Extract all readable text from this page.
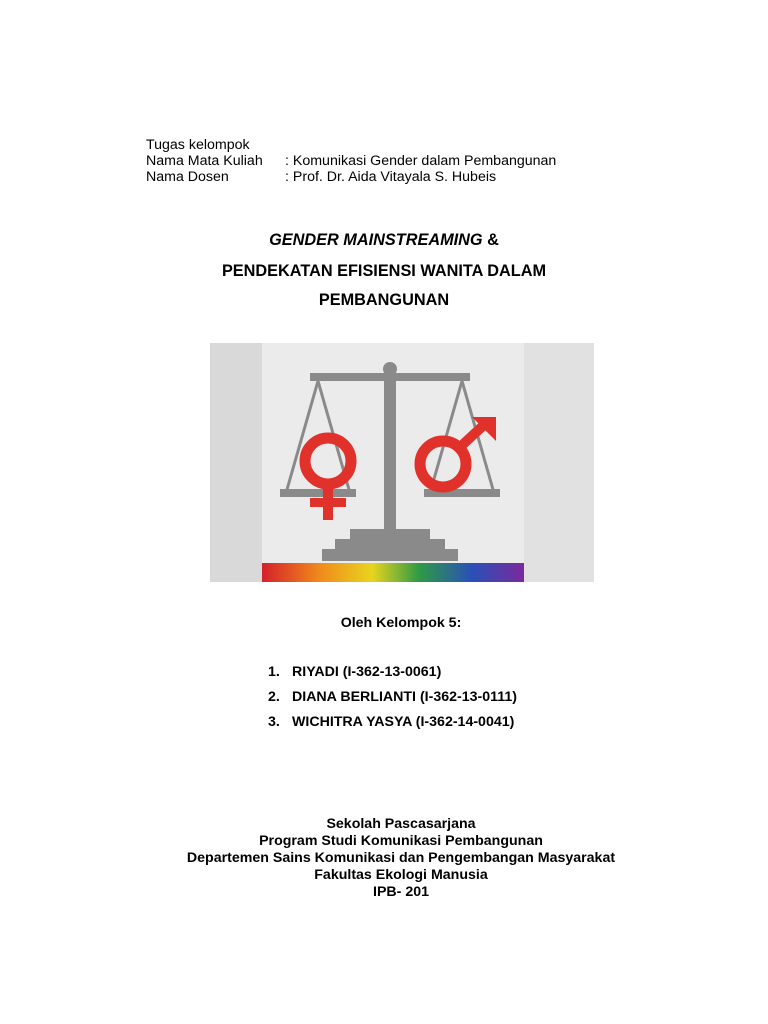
Tugas kelompok
Nama Mata Kuliah	: Komunikasi Gender dalam Pembangunan
Nama Dosen	: Prof. Dr. Aida Vitayala S. Hubeis
GENDER MAINSTREAMING &
PENDEKATAN EFISIENSI WANITA DALAM
PEMBANGUNAN
Oleh Kelompok 5:
1. RIYADI (I-362-13-0061)
2. DIANA BERLIANTI (I-362-13-0111)
3. WICHITRA YASYA (I-362-14-0041)
Sekolah Pascasarjana
Program Studi Komunikasi Pembangunan
Departemen Sains Komunikasi dan Pengembangan Masyarakat
Fakultas Ekologi Manusia
IPB- 201
